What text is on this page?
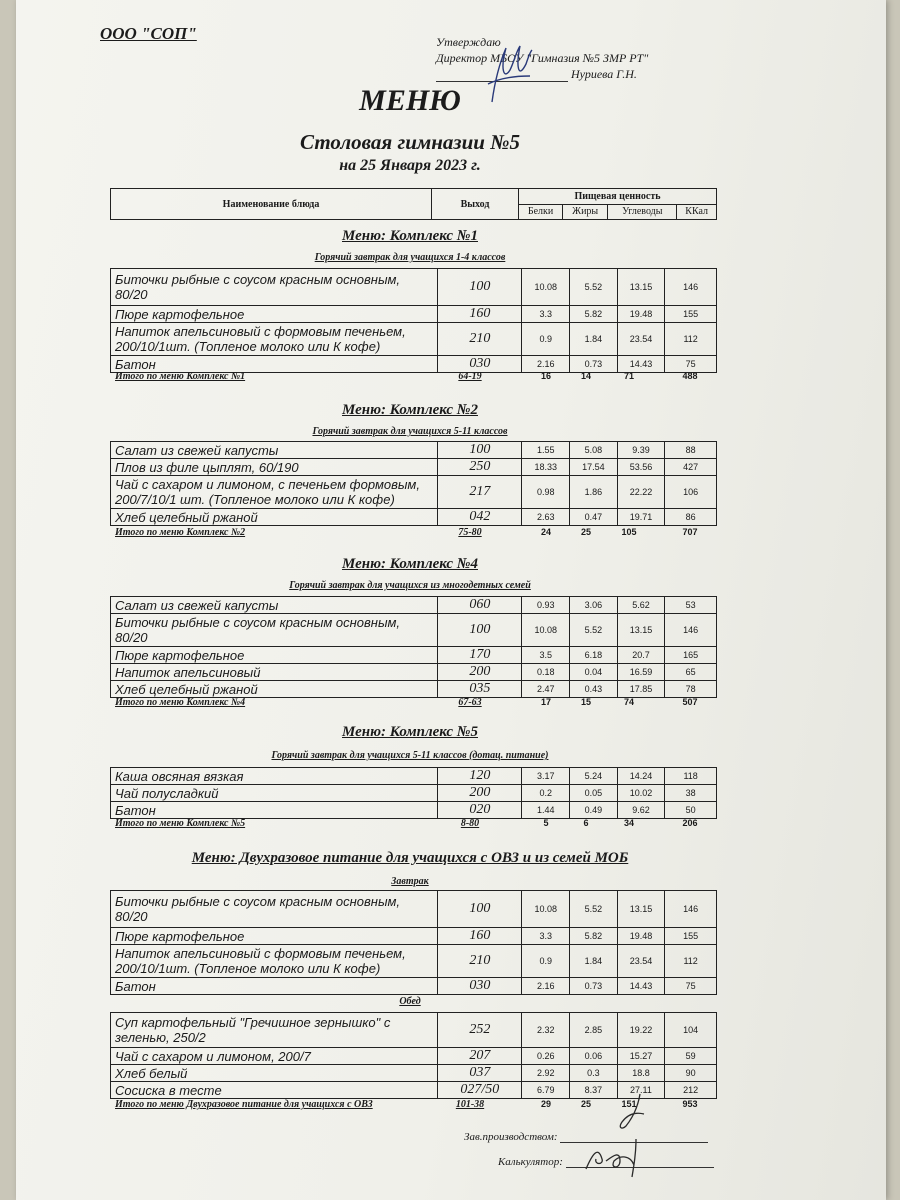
ООО "СОП"	Утверждаю
Директор МБОУ "Гимназия №5 ЗМР РТ"
Нуриева Г.Н.
МЕНЮ
Столовая гимназии №5
на 25 Января 2023 г.
Наименование блюда	Выход	Пищевая ценность			
		Белки	Жиры	Углеводы	ККал
Меню: Комплекс №1
Горячий завтрак для учащихся 1-4 классов
Биточки рыбные с соусом красным основным, 80/20	100	10.08	5.52	13.15	146
Пюре картофельное	160	3.3	5.82	19.48	155
Напиток апельсиновый с формовым печеньем, 200/10/1шт. (Топленое молоко или К кофе)	210	0.9	1.84	23.54	112
Батон	030	2.16	0.73	14.43	75
Итого по меню Комплекс №1	64-19	16	14	71	488
Меню: Комплекс №2
Горячий завтрак для учащихся 5-11 классов
Салат из свежей капусты	100	1.55	5.08	9.39	88
Плов из филе цыплят, 60/190	250	18.33	17.54	53.56	427
Чай с сахаром и лимоном, с печеньем формовым, 200/7/10/1 шт. (Топленое молоко или К кофе)	217	0.98	1.86	22.22	106
Хлеб целебный ржаной	042	2.63	0.47	19.71	86
Итого по меню Комплекс №2	75-80	24	25	105	707
Меню: Комплекс №4
Горячий завтрак для учащихся из многодетных семей
Салат из свежей капусты	060	0.93	3.06	5.62	53
Биточки рыбные с соусом красным основным, 80/20	100	10.08	5.52	13.15	146
Пюре картофельное	170	3.5	6.18	20.7	165
Напиток апельсиновый	200	0.18	0.04	16.59	65
Хлеб целебный ржаной	035	2.47	0.43	17.85	78
Итого по меню Комплекс №4	67-63	17	15	74	507
Меню: Комплекс №5
Горячий завтрак для учащихся 5-11 классов (дотац. питание)
Каша овсяная вязкая	120	3.17	5.24	14.24	118
Чай полусладкий	200	0.2	0.05	10.02	38
Батон	020	1.44	0.49	9.62	50
Итого по меню Комплекс №5	8-80	5	6	34	206
Меню: Двухразовое питание для учащихся с ОВЗ и из семей МОБ
Завтрак
Биточки рыбные с соусом красным основным, 80/20	100	10.08	5.52	13.15	146
Пюре картофельное	160	3.3	5.82	19.48	155
Напиток апельсиновый с формовым печеньем, 200/10/1шт. (Топленое молоко или К кофе)	210	0.9	1.84	23.54	112
Батон	030	2.16	0.73	14.43	75
Обед
Суп картофельный "Гречишное зернышко" с зеленью, 250/2	252	2.32	2.85	19.22	104
Чай с сахаром и лимоном, 200/7	207	0.26	0.06	15.27	59
Хлеб белый	037	2.92	0.3	18.8	90
Сосиска в тесте	027/50	6.79	8.37	27.11	212
Итого по меню Двухразовое питание для учащихся с ОВЗ	101-38	29	25	151	953
Зав.производством:
Калькулятор:
